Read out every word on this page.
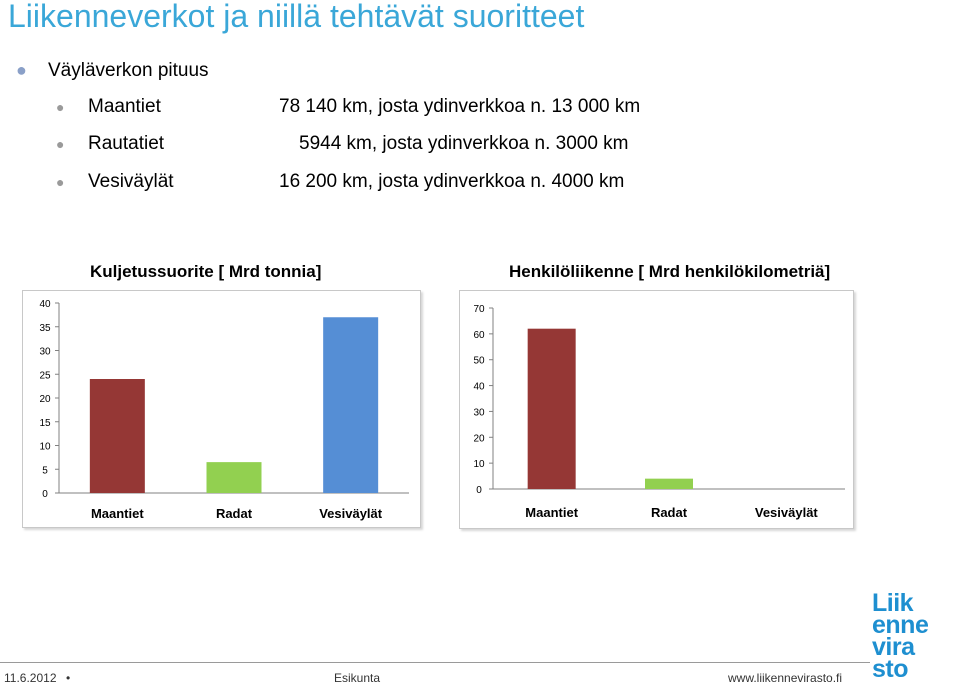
Liikenneverkot ja niillä tehtävät suoritteet
● Väyläverkon pituus
● Maantiet	78 140 km, josta ydinverkkoa n. 13 000 km
● Rautatiet	5944 km, josta ydinverkkoa n. 3000 km
● Vesiväylät	16 200 km, josta ydinverkkoa n. 4000 km
Kuljetussuorite [ Mrd tonnia]	Henkilöliikenne [ Mrd henkilökilometriä]
0
5
10
15
20
25
30
35
40
Maantiet	Radat	Vesiväylät
0
10
20
30
40
50
60
70
Maantiet	Radat	Vesiväylät
11.6.2012 •	Esikunta	www.liikennevirasto.fi
Liik
enne
vira
sto
